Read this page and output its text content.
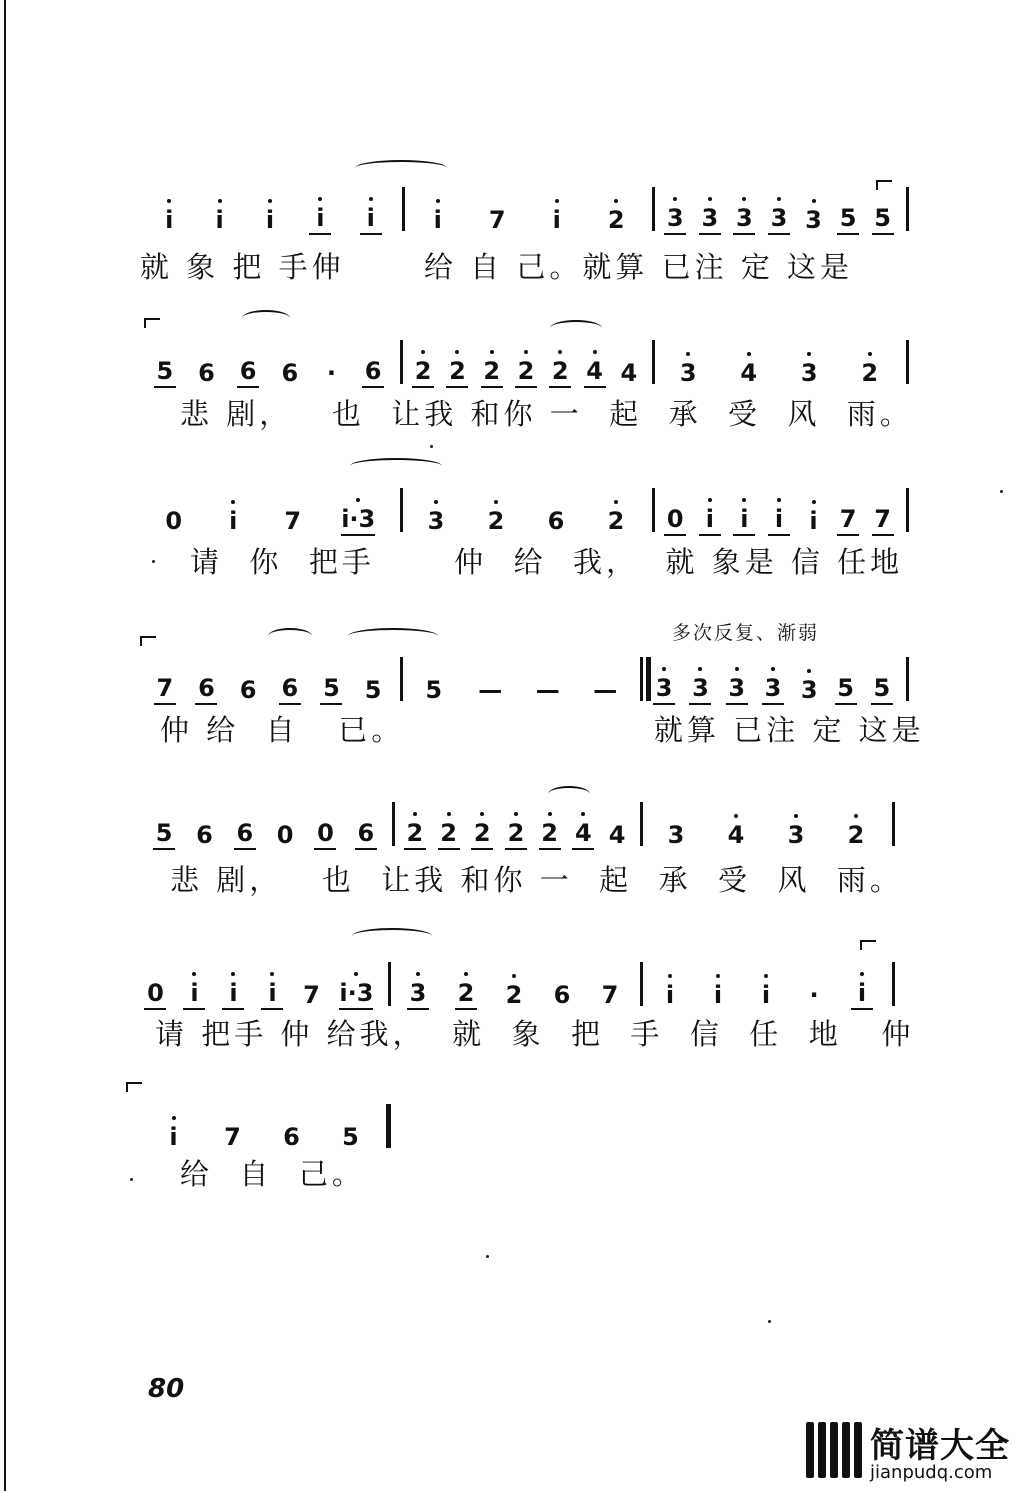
i i i i i i 7 i 2 3 3 3 3 3 5 5
就 象 把 手伸      给 自 己。就算 已注 定 这是
5 6 6 6 · 6 2 2 2 2 2 4 4 3 4 3 2
悲 剧，   也  让我 和你 一  起  承  受  风  雨。
0 i 7 i·3 3 2 6 2 0 i i i i 7 7
请  你  把手      仲  给  我，  就 象是 信 任地
7 6 6 6 5 5 5 — — — 3 3 3 3 3 5 5
仲 给  自   已。	就算 已注 定 这是
多次反复、渐弱
5 6 6 0 0 6 2 2 2 2 2 4 4 3 4 3 2
悲 剧，   也  让我 和你 一  起  承  受  风  雨。
0 i i i 7 i·3 3 2 2 6 7 i i i · i
请 把手 仲 给我，  就  象  把  手  信  任  地   仲
i 7 6 5
给  自  己。
80
简谱大全
jianpudq.com
